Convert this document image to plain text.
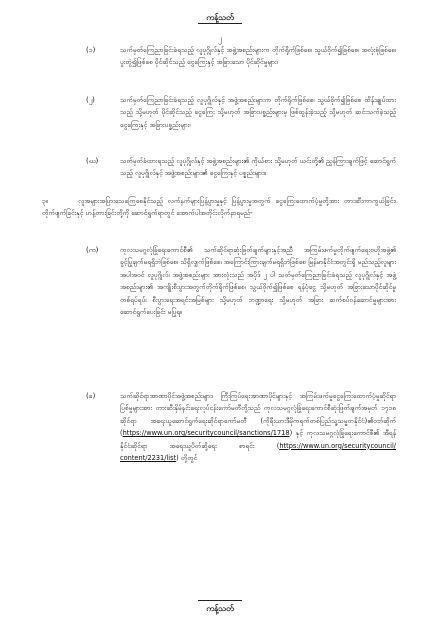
ကန့်သတ်
၂
(၁)	သက်မှတ်ကြေညာခြင်းခံရသည့် လူပုဂ္ဂိုလ်နှင့် အဖွဲ့အစည်းများက တိုက်ရိုက်ဖြစ်စေ၊ သွယ်ဝိုက်၍ဖြစ်စေ၊ အလုံးစုံဖြစ်စေ၊ ပူးတွဲ၍ဖြစ်စေ ပိုင်ဆိုင်သည့် ငွေကြေးနှင့် အခြားသော ပိုင်ဆိုင်မှုများ၊
(၂)	သက်မှတ်ကြေညာခြင်းခံရသည့် လူပုဂ္ဂိုလ်နှင့် အဖွဲ့အစည်းများက တိုက်ရိုက်ဖြစ်စေ၊ သွယ်ဝိုက်၍ဖြစ်စေ ထိန်းချုပ်ထားသည့် သို့မဟုတ် ပိုင်ဆိုင်သည့် ငွေကြေး သို့မဟုတ် အခြားပစ္စည်းများမှ ဖြစ်ထွန်းခဲ့သည့် သို့မဟုတ် ဆင်းသက်ခဲ့သည့် ငွေကြေးနှင့် အခြားပစ္စည်းများ၊
(ဃ)	သတ်မှတ်ခံထားရသည့် လူပုဂ္ဂိုလ်နှင့် အဖွဲ့အစည်းများ၏ ကိုယ်စား သို့မဟုတ် ယင်းတို့၏ ညွှန်ကြားချက်ဖြင့် ဆောင်ရွက်သည့် လူပုဂ္ဂိုလ်နှင့် အဖွဲ့အစည်းများ၏ ငွေကြေးနှင့် ပစ္စည်းများ။
၃။	လူအများအပြားသေကြေစေနိုင်သည့် လက်နက်များပြန့်ပွားမှုနှင့် ပြန့်ပွားမှုအတွက် ငွေကြေးထောက်ပံ့မှုတို့အား တားဆီးကာကွယ်ခြင်း၊ တိုက်ဖျက်ခြင်းနှင့် ဟန့်တားခြင်းတို့ကို ဆောင်ရွက်ရာတွင် အောက်ပါအတိုင်းလိုက်နာရမည်-
(က)	ကုလသမဂ္ဂလုံခြုံရေးကောင်စီ၏ သက်ဆိုင်ရာဆုံးဖြတ်ချက်များနှင့်အညီ အကြမ်းဖက်မှုတိုက်ဖျက်ရေးဗဟိုအဖွဲ့၏ ခွင့်ပြုချက်မရရှိဘဲဖြစ်စေ၊ သိရှိလျှက်ဖြစ်စေ၊ အကြောင်းကြားချက်မရရှိဘဲဖြစ်စေ မြန်မာနိုင်ငံအတွင်းရှိ မည်သည့်လူများအပါအဝင် လူပုဂ္ဂိုလ်၊ အဖွဲ့အစည်းများ အားလုံးသည် အပိုဒ် ၂ ပါ သတ်မှတ်ကြေညာခြင်းခံရသည့် လူပုဂ္ဂိုလ်နှင့် အဖွဲ့အစည်းများ၏ အကျိုးစီးပွားအတွက်တိုက်ရိုက်ဖြစ်စေ၊ သွယ်ဝိုက်၍ဖြစ်စေ ရန်ပုံငွေ သို့မဟုတ် အခြားသောပိုင်ဆိုင်မှုတစ်ရပ်ရပ်၊ စီးပွားရေးအရင်းအမြစ်များ သို့မဟုတ် ဘဏ္ဍာရေး သို့မဟုတ် အခြား ဆက်စပ်ဝန်ဆောင်မှုများအား ဆောင်ရွက်ပေးခြင်း မပြုရ။
(ခ)	သက်ဆိုင်ရာအာဏာပိုင်အဖွဲ့အစည်းများ၊ ကြီးကြပ်ရေးအာဏာပိုင်များနှင့် အကြမ်းဖက်မှုငွေကြေးထောက်ပံ့မှုဆိုင်ရာ ပြစ်မှုများအား တားဆီးနှိမ်နင်းရေးလုပ်ငန်းကော်မတီတို့သည် ကုလသမဂ္ဂလုံခြုံရေးကောင်စီဆုံးဖြတ်ချက်အမှတ် ၁၇၁၈ ဆိုင်ရာ အရေးယူဆောင်ရွက်ရေးဆိုင်ရာကော်မတီ (ကိုရီးယားဒီမိုကရက်တစ်ပြည်သူ့သမ္မတနိုင်ငံ)၏ဝဘ်ဆိုက် (https://www.un.org/securitycouncil/sanctions/1718) နှင့် ကုလသမဂ္ဂလုံခြုံရေးကောင်စီ၏ အီရန်နိုင်ငံဆိုင်ရာ အရေးယူပိတ်ဆို့ရေး စာရင်း (https://www.un.org/securitycouncil/ content/2231/list) တို့တွင်
ကန့်သတ်
